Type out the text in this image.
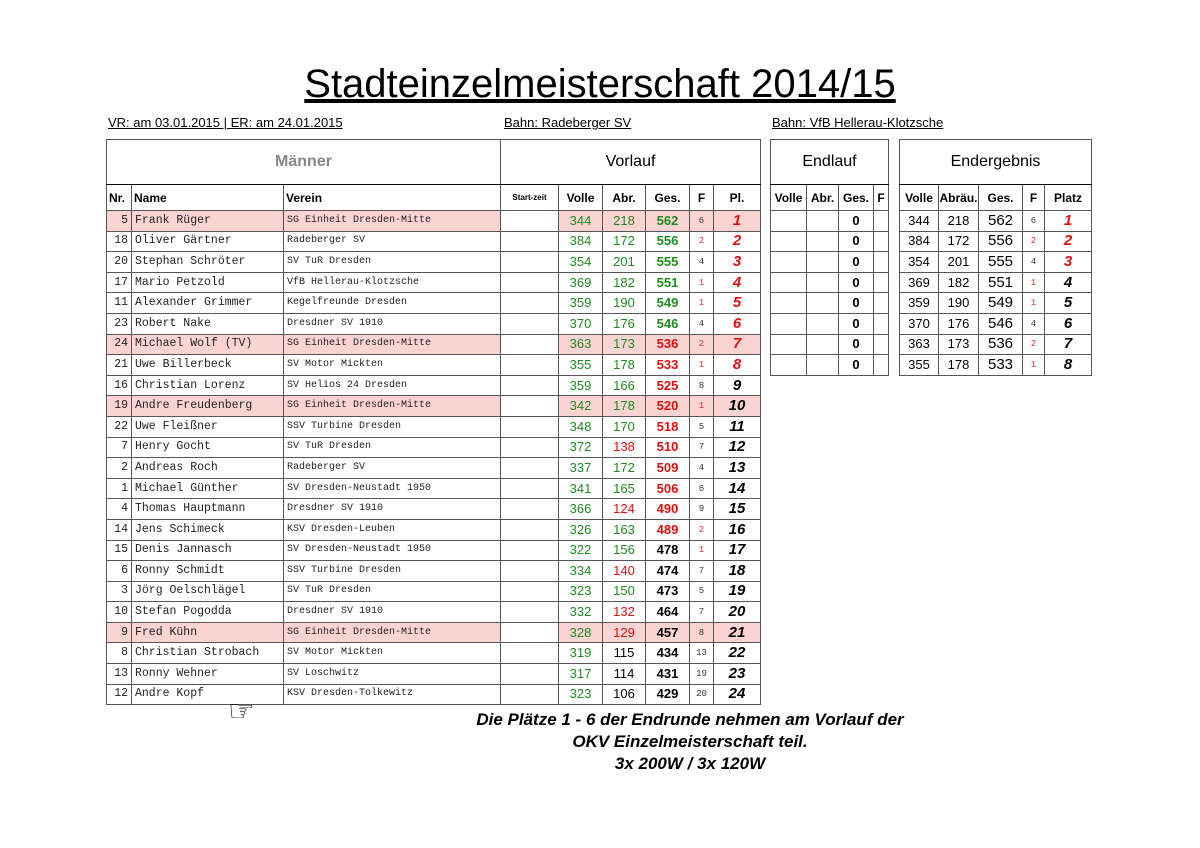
Stadteinzelmeisterschaft 2014/15
VR: am 03.01.2015 | ER: am 24.01.2015	Bahn: Radeberger SV	Bahn: VfB Hellerau-Klotzsche
Männer			Vorlauf					
Nr.	Name	Verein	Start-zeit	Volle	Abr.	Ges.	F	Pl.
5	Frank Rüger	SG Einheit Dresden-Mitte		344	218	562	6	1
18	Oliver Gärtner	Radeberger SV		384	172	556	2	2
20	Stephan Schröter	SV TuR Dresden		354	201	555	4	3
17	Mario Petzold	VfB Hellerau-Klotzsche		369	182	551	1	4
11	Alexander Grimmer	Kegelfreunde Dresden		359	190	549	1	5
23	Robert Nake	Dresdner SV 1910		370	176	546	4	6
24	Michael Wolf (TV)	SG Einheit Dresden-Mitte		363	173	536	2	7
21	Uwe Billerbeck	SV Motor Mickten		355	178	533	1	8
16	Christian Lorenz	SV Helios 24 Dresden		359	166	525	8	9
19	Andre Freudenberg	SG Einheit Dresden-Mitte		342	178	520	1	10
22	Uwe Fleißner	SSV Turbine Dresden		348	170	518	5	11
7	Henry Gocht	SV TuR Dresden		372	138	510	7	12
2	Andreas Roch	Radeberger SV		337	172	509	4	13
1	Michael Günther	SV Dresden-Neustadt 1950		341	165	506	6	14
4	Thomas Hauptmann	Dresdner SV 1910		366	124	490	9	15
14	Jens Schimeck	KSV Dresden-Leuben		326	163	489	2	16
15	Denis Jannasch	SV Dresden-Neustadt 1950		322	156	478	1	17
6	Ronny Schmidt	SSV Turbine Dresden		334	140	474	7	18
3	Jörg Oelschlägel	SV TuR Dresden		323	150	473	5	19
10	Stefan Pogodda	Dresdner SV 1910		332	132	464	7	20
9	Fred Kühn	SG Einheit Dresden-Mitte		328	129	457	8	21
8	Christian Strobach	SV Motor Mickten		319	115	434	13	22
13	Ronny Wehner	SV Loschwitz		317	114	431	19	23
12	Andre Kopf	KSV Dresden-Tolkewitz		323	106	429	20	24
Endlauf			
Volle	Abr.	Ges.	F
		0	
		0	
		0	
		0	
		0	
		0	
		0	
		0	
Endergebnis				
Volle	Abräu.	Ges.	F	Platz
344	218	562	6	1
384	172	556	2	2
354	201	555	4	3
369	182	551	1	4
359	190	549	1	5
370	176	546	4	6
363	173	536	2	7
355	178	533	1	8
☞	Die Plätze 1 - 6 der Endrunde nehmen am Vorlauf der
OKV Einzelmeisterschaft teil.
3x 200W / 3x 120W
